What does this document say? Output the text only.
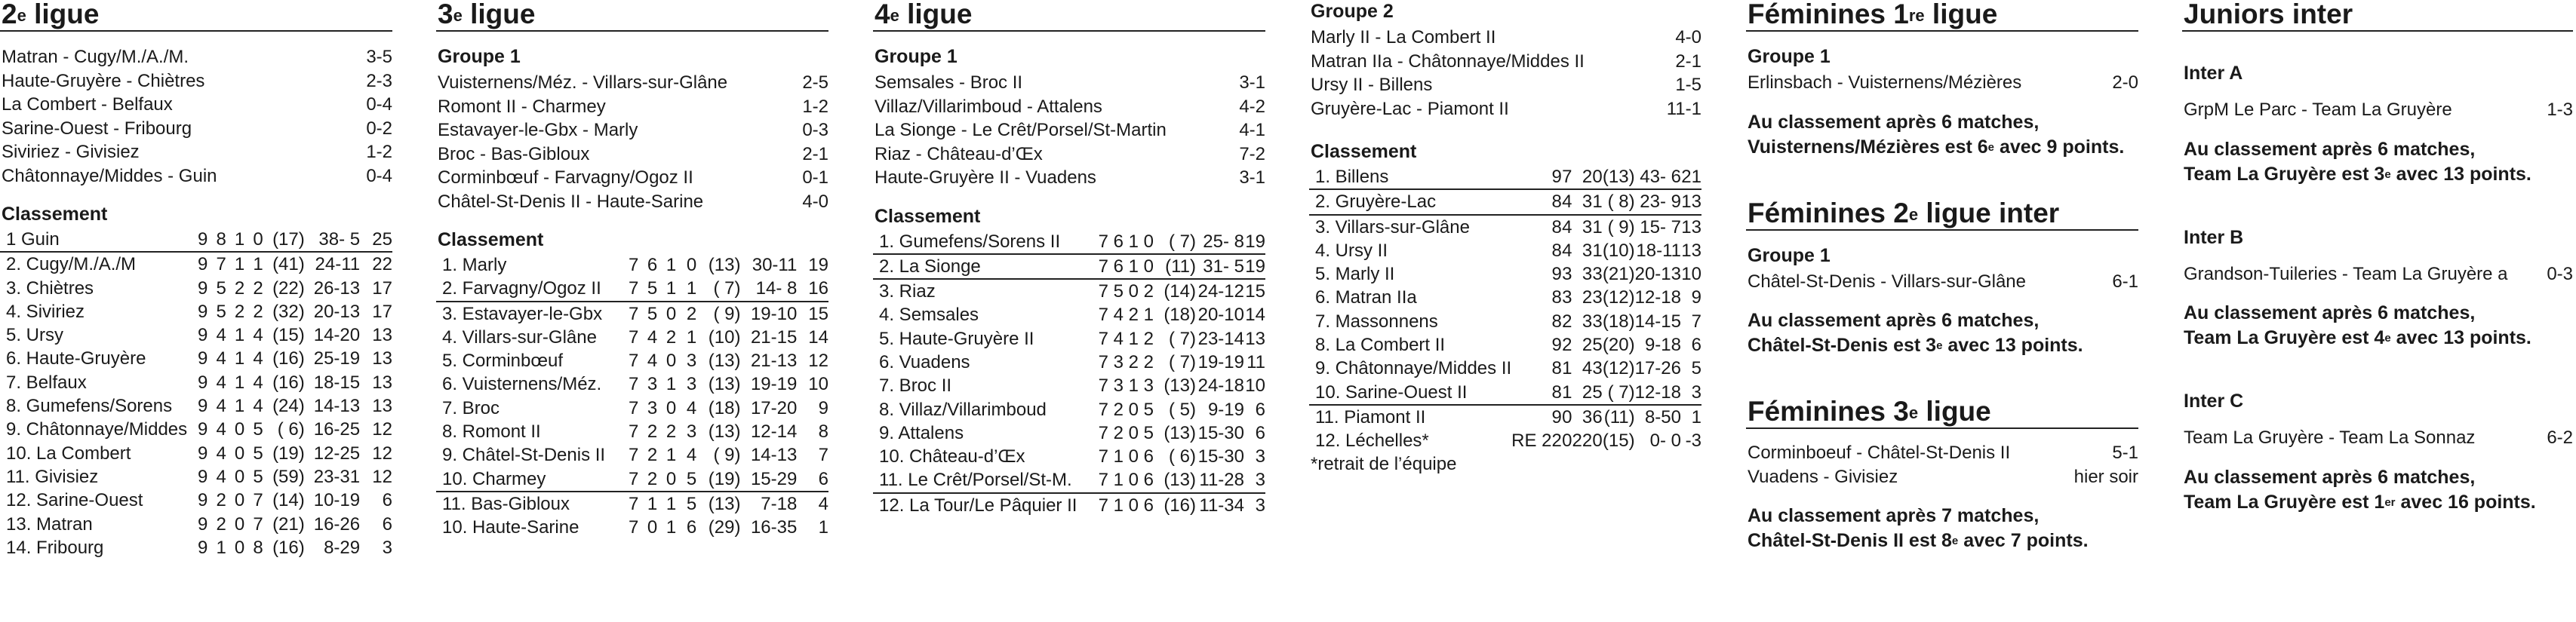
2e ligue
Matran - Cugy/M./A./M.	3-5
Haute-Gruyère - Chiètres	2-3
La Combert - Belfaux	0-4
Sarine-Ouest - Fribourg	0-2
Siviriez - Givisiez	1-2
Châtonnaye/Middes - Guin	0-4
Classement
1 Guin	9	8	1	0	(17)	38- 5	25
2. Cugy/M./A./M	9	7	1	1	(41)	24-11	22
3. Chiètres	9	5	2	2	(22)	26-13	17
4. Siviriez	9	5	2	2	(32)	20-13	17
5. Ursy	9	4	1	4	(15)	14-20	13
6. Haute-Gruyère	9	4	1	4	(16)	25-19	13
7. Belfaux	9	4	1	4	(16)	18-15	13
8. Gumefens/Sorens	9	4	1	4	(24)	14-13	13
9. Châtonnaye/Middes	9	4	0	5	( 6)	16-25	12
10. La Combert	9	4	0	5	(19)	12-25	12
11. Givisiez	9	4	0	5	(59)	23-31	12
12. Sarine-Ouest	9	2	0	7	(14)	10-19	6
13. Matran	9	2	0	7	(21)	16-26	6
14. Fribourg	9	1	0	8	(16)	8-29	3
3e ligue
Groupe 1
Vuisternens/Méz. - Villars-sur-Glâne	2-5
Romont II - Charmey	1-2
Estavayer-le-Gbx - Marly	0-3
Broc - Bas-Gibloux	2-1
Corminbœuf - Farvagny/Ogoz II	0-1
Châtel-St-Denis II - Haute-Sarine	4-0
Classement
1. Marly	7	6	1	0	(13)	30-11	19
2. Farvagny/Ogoz II	7	5	1	1	( 7)	14- 8	16
3. Estavayer-le-Gbx	7	5	0	2	( 9)	19-10	15
4. Villars-sur-Glâne	7	4	2	1	(10)	21-15	14
5. Corminbœuf	7	4	0	3	(13)	21-13	12
6. Vuisternens/Méz.	7	3	1	3	(13)	19-19	10
7. Broc	7	3	0	4	(18)	17-20	9
8. Romont II	7	2	2	3	(13)	12-14	8
9. Châtel-St-Denis II	7	2	1	4	( 9)	14-13	7
10. Charmey	7	2	0	5	(19)	15-29	6
11. Bas-Gibloux	7	1	1	5	(13)	7-18	4
10. Haute-Sarine	7	0	1	6	(29)	16-35	1
4e ligue
Groupe 1
Semsales - Broc II	3-1
Villaz/Villarimboud - Attalens	4-2
La Sionge - Le Crêt/Porsel/St-Martin	4-1
Riaz - Château-d’Œx	7-2
Haute-Gruyère II - Vuadens	3-1
Classement
1. Gumefens/Sorens II	7 6 1 0	( 7)	25- 8	19
2. La Sionge	7 6 1 0	(11)	31- 5	19
3. Riaz	7 5 0 2	(14)	24-12	15
4. Semsales	7 4 2 1	(18)	20-10	14
5. Haute-Gruyère II	7 4 1 2	( 7)	23-14	13
6. Vuadens	7 3 2 2	( 7)	19-19	11
7. Broc II	7 3 1 3	(13)	24-18	10
8. Villaz/Villarimboud	7 2 0 5	( 5)	9-19	6
9. Attalens	7 2 0 5	(13)	15-30	6
10. Château-d’Œx	7 1 0 6	( 6)	15-30	3
11. Le Crêt/Porsel/St-M.	7 1 0 6	(13)	11-28	3
12. La Tour/Le Pâquier II	7 1 0 6	(16)	11-34	3
Groupe 2
Marly II - La Combert II	4-0
Matran IIa - Châtonnaye/Middes II	2-1
Ursy II - Billens	1-5
Gruyère-Lac - Piamont II	11-1
Classement
1. Billens	9	7	2	0	(13)	43- 6	21
2. Gruyère-Lac	8	4	3	1	( 8)	23- 9	13
3. Villars-sur-Glâne	8	4	3	1	( 9)	15- 7	13
4. Ursy II	8	4	3	1	(10)	18-11	13
5. Marly II	9	3	3	3	(21)	20-13	10
6. Matran IIa	8	3	2	3	(12)	12-18	9
7. Massonnens	8	2	3	3	(18)	14-15	7
8. La Combert II	9	2	2	5	(20)	9-18	6
9. Châtonnaye/Middes II	8	1	4	3	(12)	17-26	5
10. Sarine-Ouest II	8	1	2	5	( 7)	12-18	3
11. Piamont II	9	0	3	6	(11)	8-50	1
12. Léchelles*	RE 22	0	22	0	(15)	0- 0	-3
*retrait de l’équipe
Féminines 1re ligue
Groupe 1
Erlinsbach - Vuisternens/Mézières	2-0
Au classement après 6 matches,
Vuisternens/Mézières est 6e avec 9 points.
Féminines 2e ligue inter
Groupe 1
Châtel-St-Denis - Villars-sur-Glâne	6-1
Au classement après 6 matches,
Châtel-St-Denis est 3e avec 13 points.
Féminines 3e ligue
Corminboeuf - Châtel-St-Denis II	5-1
Vuadens - Givisiez	hier soir
Au classement après 7 matches,
Châtel-St-Denis II est 8e avec 7 points.
Juniors inter
Inter A
GrpM Le Parc - Team La Gruyère	1-3
Au classement après 6 matches,
Team La Gruyère est 3e avec 13 points.
Inter B
Grandson-Tuileries - Team La Gruyère a	0-3
Au classement après 6 matches,
Team La Gruyère est 4e avec 13 points.
Inter C
Team La Gruyère - Team La Sonnaz	6-2
Au classement après 6 matches,
Team La Gruyère est 1er avec 16 points.
